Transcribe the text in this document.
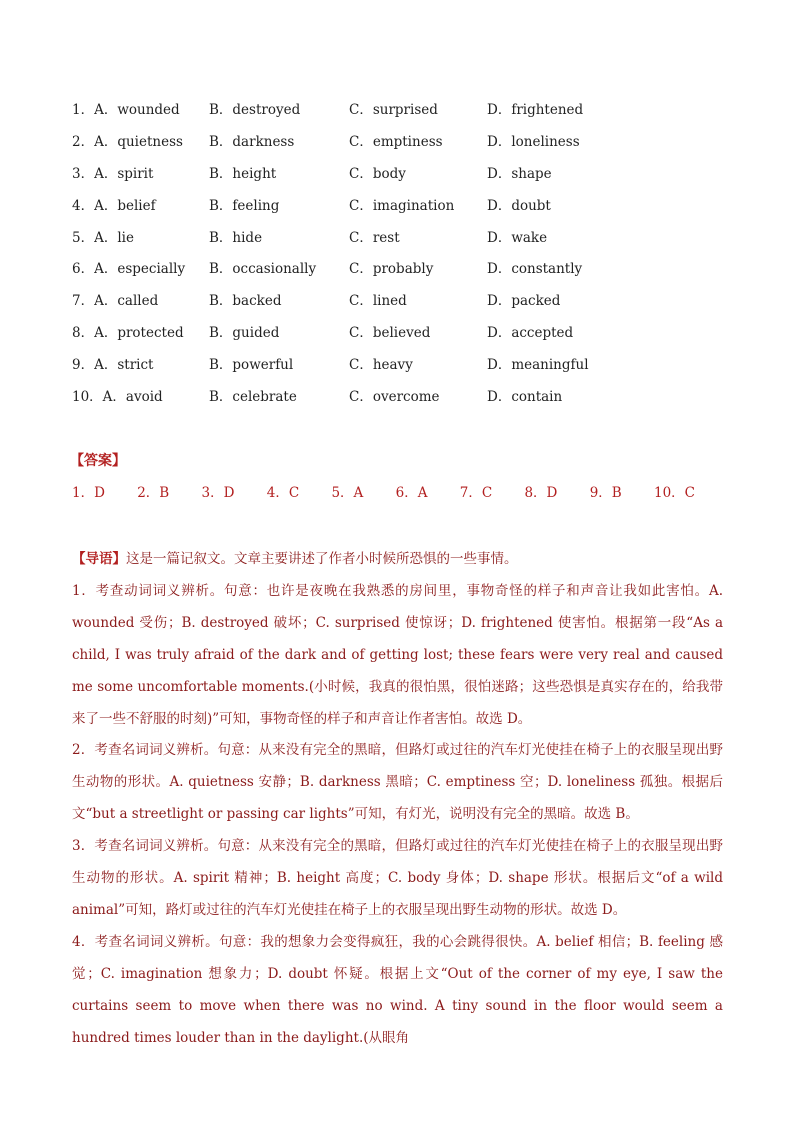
1．A．wounded B．destroyed	C．surprised	D．frightened
2．A．quietness B．darkness	C．emptiness	D．loneliness
3．A．spirit	B．height	C．body	D．shape
4．A．belief	B．feeling	C．imagination D．doubt
5．A．lie	B．hide	C．rest	D．wake
6．A．especially B．occasionally C．probably	D．constantly
7．A．called	B．backed	C．lined	D．packed
8．A．protected B．guided	C．believed	D．accepted
9．A．strict	B．powerful	C．heavy	D．meaningful
10．A．avoid	B．celebrate	C．overcome	D．contain
【答案】
1．D 2．B 3．D 4．C 5．A 6．A 7．C 8．D 9．B 10．C

【导语】这是一篇记叙文。文章主要讲述了作者小时候所恐惧的一些事情。

1．考查动词词义辨析。句意：也许是夜晚在我熟悉的房间里，事物奇怪的样子和声音让我如此害怕。A. wounded 受伤；B. destroyed 破坏；C. surprised 使惊讶；D. frightened 使害怕。根据第一段“As a child, I was truly afraid of the dark and of getting lost; these fears were very real and caused me some uncomfortable moments.(小时候，我真的很怕黑，很怕迷路；这些恐惧是真实存在的，给我带来了一些不舒服的时刻)”可知，事物奇怪的样子和声音让作者害怕。故选 D。

2．考查名词词义辨析。句意：从来没有完全的黑暗，但路灯或过往的汽车灯光使挂在椅子上的衣服呈现出野生动物的形状。A. quietness 安静；B. darkness 黑暗；C. emptiness 空；D. loneliness 孤独。根据后文“but a streetlight or passing car lights”可知，有灯光，说明没有完全的黑暗。故选 B。

3．考查名词词义辨析。句意：从来没有完全的黑暗，但路灯或过往的汽车灯光使挂在椅子上的衣服呈现出野生动物的形状。A. spirit 精神；B. height 高度；C. body 身体；D. shape 形状。根据后文“of a wild animal”可知，路灯或过往的汽车灯光使挂在椅子上的衣服呈现出野生动物的形状。故选 D。

4．考查名词词义辨析。句意：我的想象力会变得疯狂，我的心会跳得很快。A. belief 相信；B. feeling 感觉；C. imagination 想象力；D. doubt 怀疑。根据上文“Out of the corner of my eye, I saw the curtains seem to move when there was no wind. A tiny sound in the floor would seem a hundred times louder than in the daylight.(从眼角
